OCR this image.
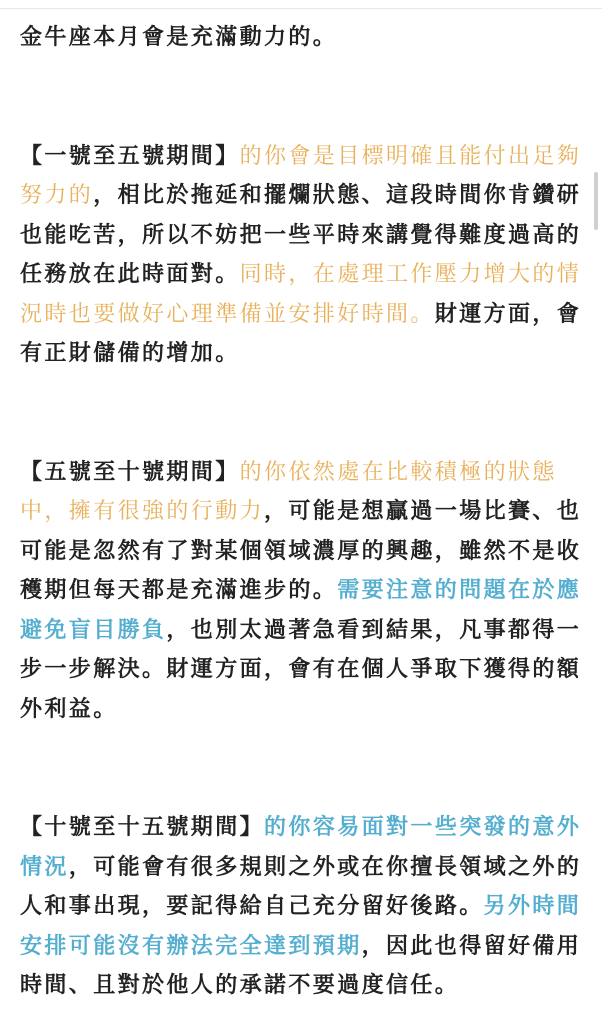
金牛座本月會是充滿動力的。

【一號至五號期間】的你會是目標明確且能付出足夠努力的，相比於拖延和擺爛狀態、這段時間你肯鑽研也能吃苦，所以不妨把一些平時來講覺得難度過高的任務放在此時面對。同時，在處理工作壓力增大的情況時也要做好心理準備並安排好時間。財運方面，會有正財儲備的增加。

【五號至十號期間】的你依然處在比較積極的狀態中，擁有很強的行動力，可能是想贏過一場比賽、也可能是忽然有了對某個領域濃厚的興趣，雖然不是收穫期但每天都是充滿進步的。需要注意的問題在於應避免盲目勝負，也別太過著急看到結果，凡事都得一步一步解決。財運方面，會有在個人爭取下獲得的額外利益。

【十號至十五號期間】的你容易面對一些突發的意外情況，可能會有很多規則之外或在你擅長領域之外的人和事出現，要記得給自己充分留好後路。另外時間安排可能沒有辦法完全達到預期，因此也得留好備用時間、且對於他人的承諾不要過度信任。
